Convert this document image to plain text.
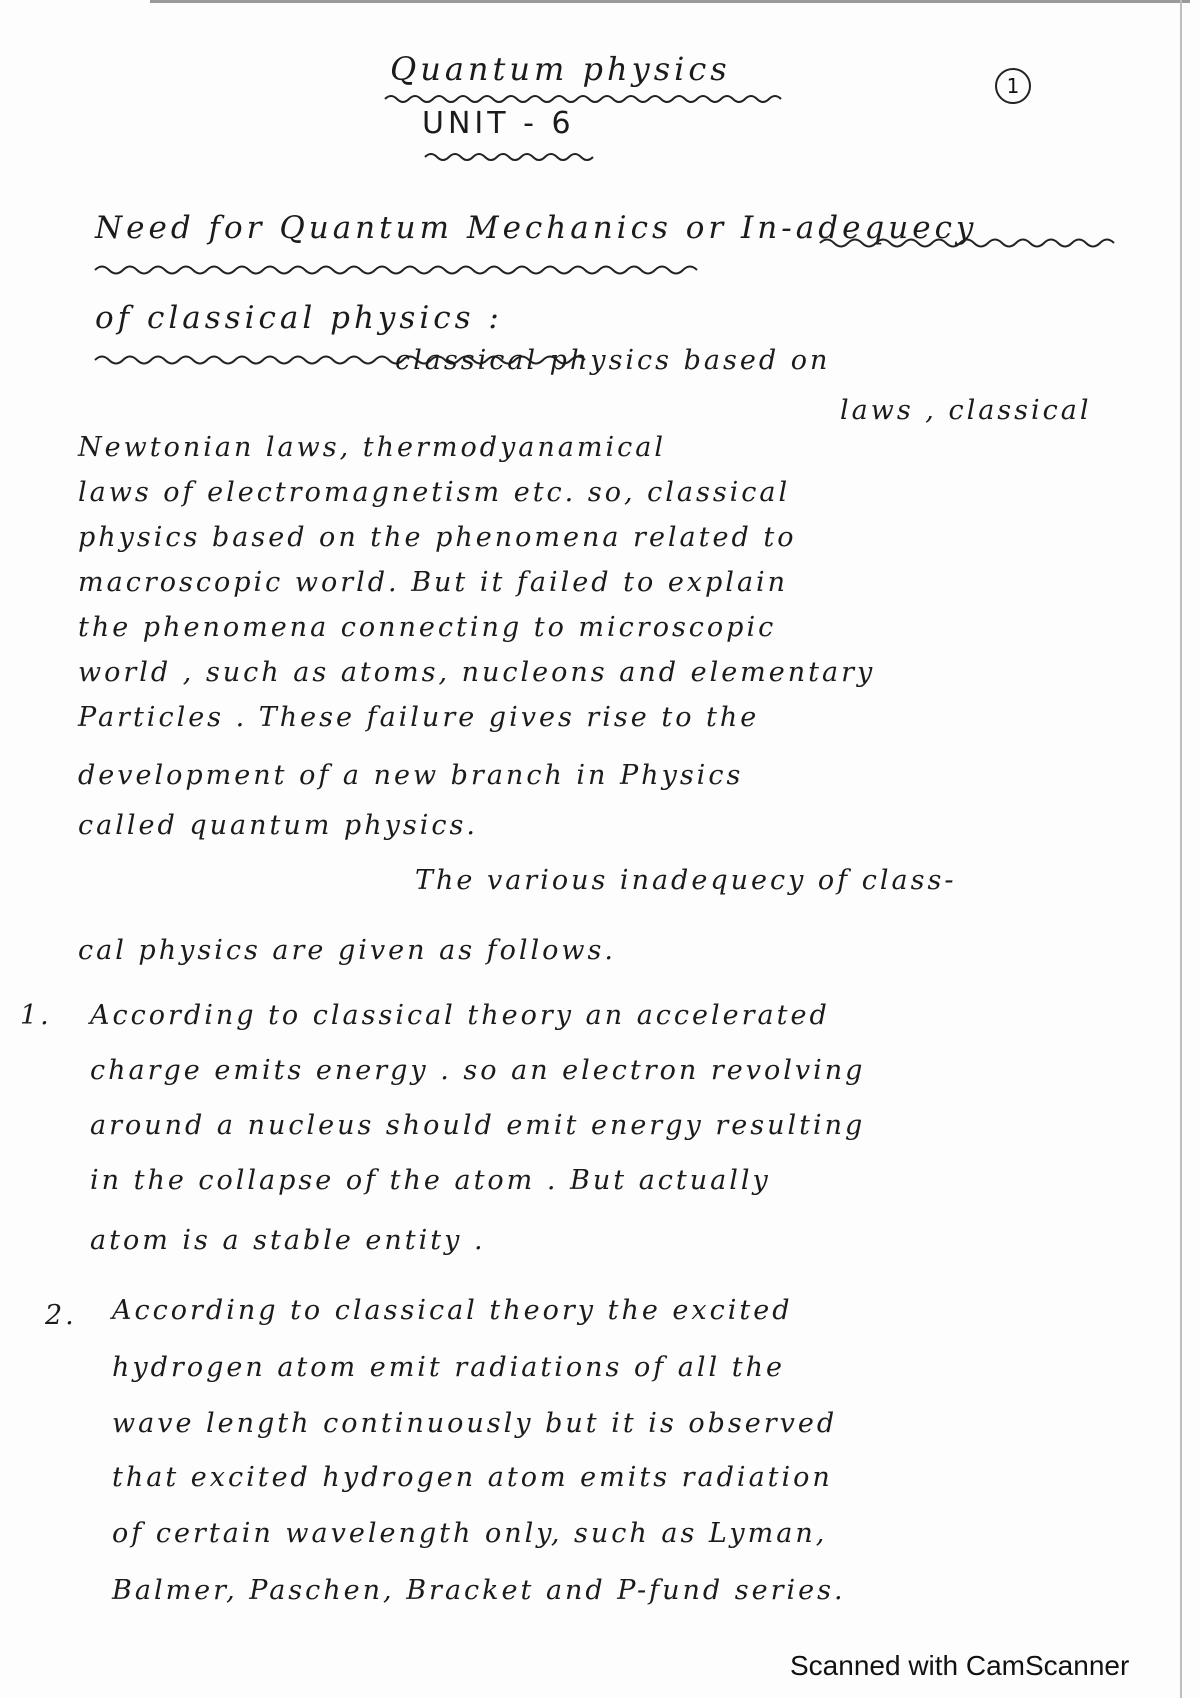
Quantum physics
UNIT - 6
1
Need for Quantum Mechanics or In-adequecy
of classical physics :
classical physics based on
laws , classical
Newtonian laws, thermodyanamical
laws of electromagnetism etc. so, classical
physics based on the phenomena related to
macroscopic world. But it failed to explain
the phenomena connecting to microscopic
world , such as atoms, nucleons and elementary
Particles . These failure gives rise to the
development of a new branch in Physics
called quantum physics.
The various inadequecy of class-
cal physics are given as follows.
1. According to classical theory an accelerated
charge emits energy . so an electron revolving
around a nucleus should emit energy resulting
in the collapse of the atom . But actually
atom is a stable entity .
2. According to classical theory the excited
hydrogen atom emit radiations of all the
wave length continuously but it is observed
that excited hydrogen atom emits radiation
of certain wavelength only, such as Lyman,
Balmer, Paschen, Bracket and P-fund series.
Scanned with CamScanner
